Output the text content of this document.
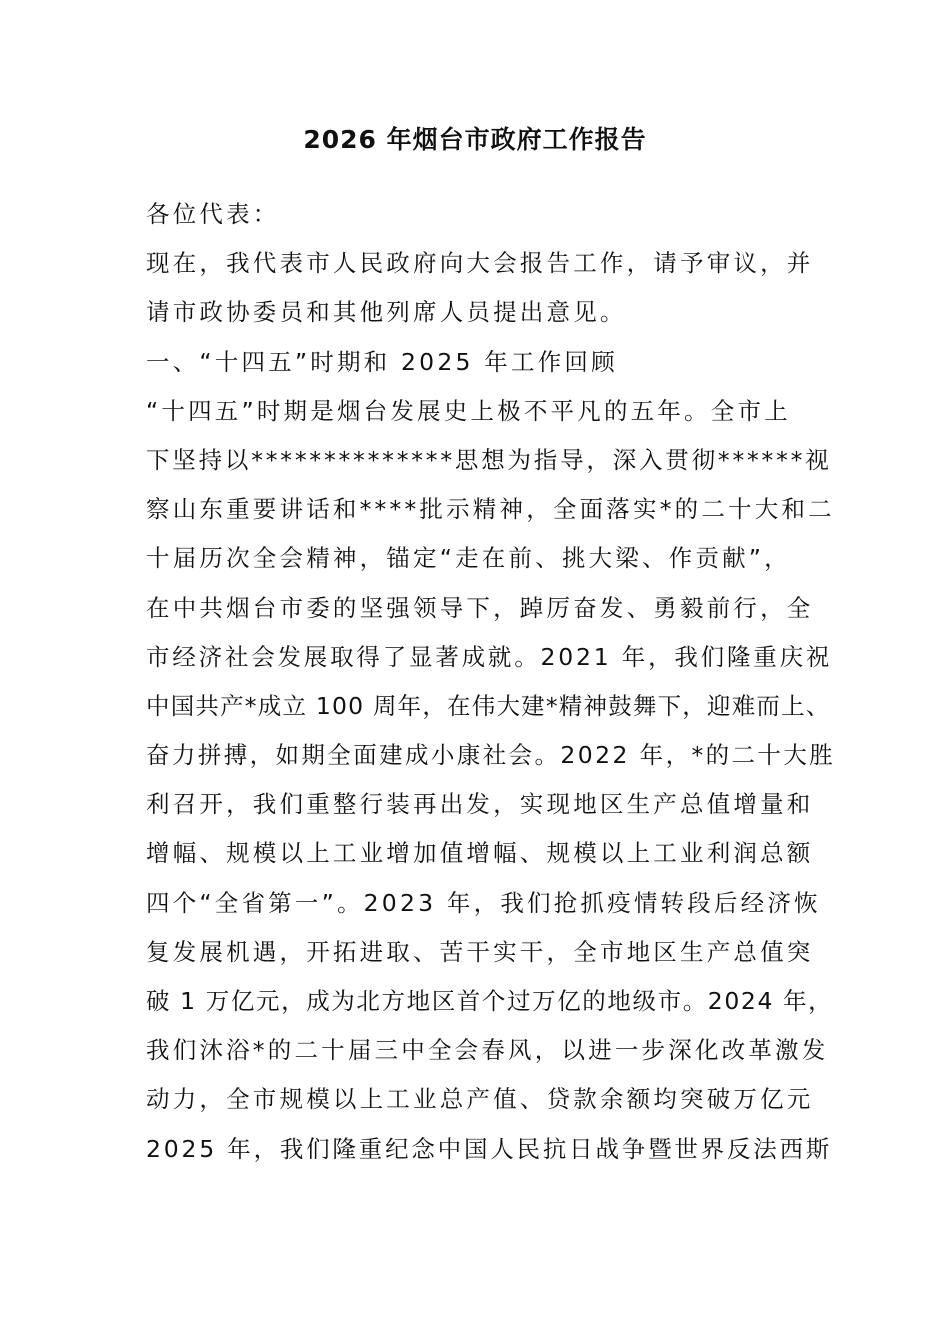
2026 年烟台市政府工作报告

各位代表：

现在，我代表市人民政府向大会报告工作，请予审议，并

请市政协委员和其他列席人员提出意见。

一、“十四五”时期和 2025 年工作回顾

“十四五”时期是烟台发展史上极不平凡的五年。全市上

下坚持以**************思想为指导，深入贯彻******视

察山东重要讲话和****批示精神，全面落实*的二十大和二

十届历次全会精神，锚定“走在前、挑大梁、作贡献”，

在中共烟台市委的坚强领导下，踔厉奋发、勇毅前行，全

市经济社会发展取得了显著成就。2021 年，我们隆重庆祝

中国共产*成立 100 周年，在伟大建*精神鼓舞下，迎难而上、

奋力拼搏，如期全面建成小康社会。2022 年，*的二十大胜

利召开，我们重整行装再出发，实现地区生产总值增量和

增幅、规模以上工业增加值增幅、规模以上工业利润总额

四个“全省第一”。2023 年，我们抢抓疫情转段后经济恢

复发展机遇，开拓进取、苦干实干，全市地区生产总值突

破 1 万亿元，成为北方地区首个过万亿的地级市。2024 年，

我们沐浴*的二十届三中全会春风，以进一步深化改革激发

动力，全市规模以上工业总产值、贷款余额均突破万亿元

2025 年，我们隆重纪念中国人民抗日战争暨世界反法西斯
